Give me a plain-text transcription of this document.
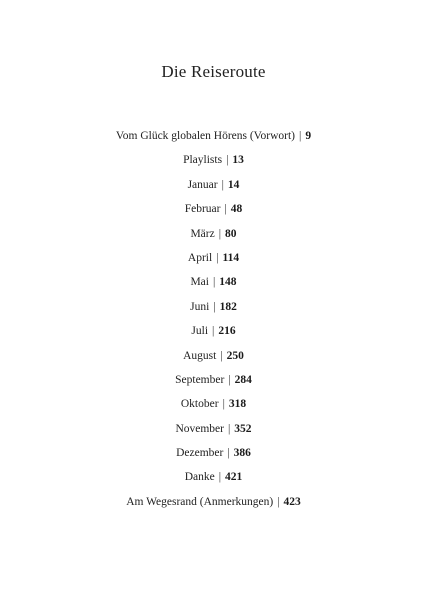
Die Reiseroute
Vom Glück globalen Hörens (Vorwort) | 9
Playlists | 13
Januar | 14
Februar | 48
März | 80
April | 114
Mai | 148
Juni | 182
Juli | 216
August | 250
September | 284
Oktober | 318
November | 352
Dezember | 386
Danke | 421
Am Wegesrand (Anmerkungen) | 423
